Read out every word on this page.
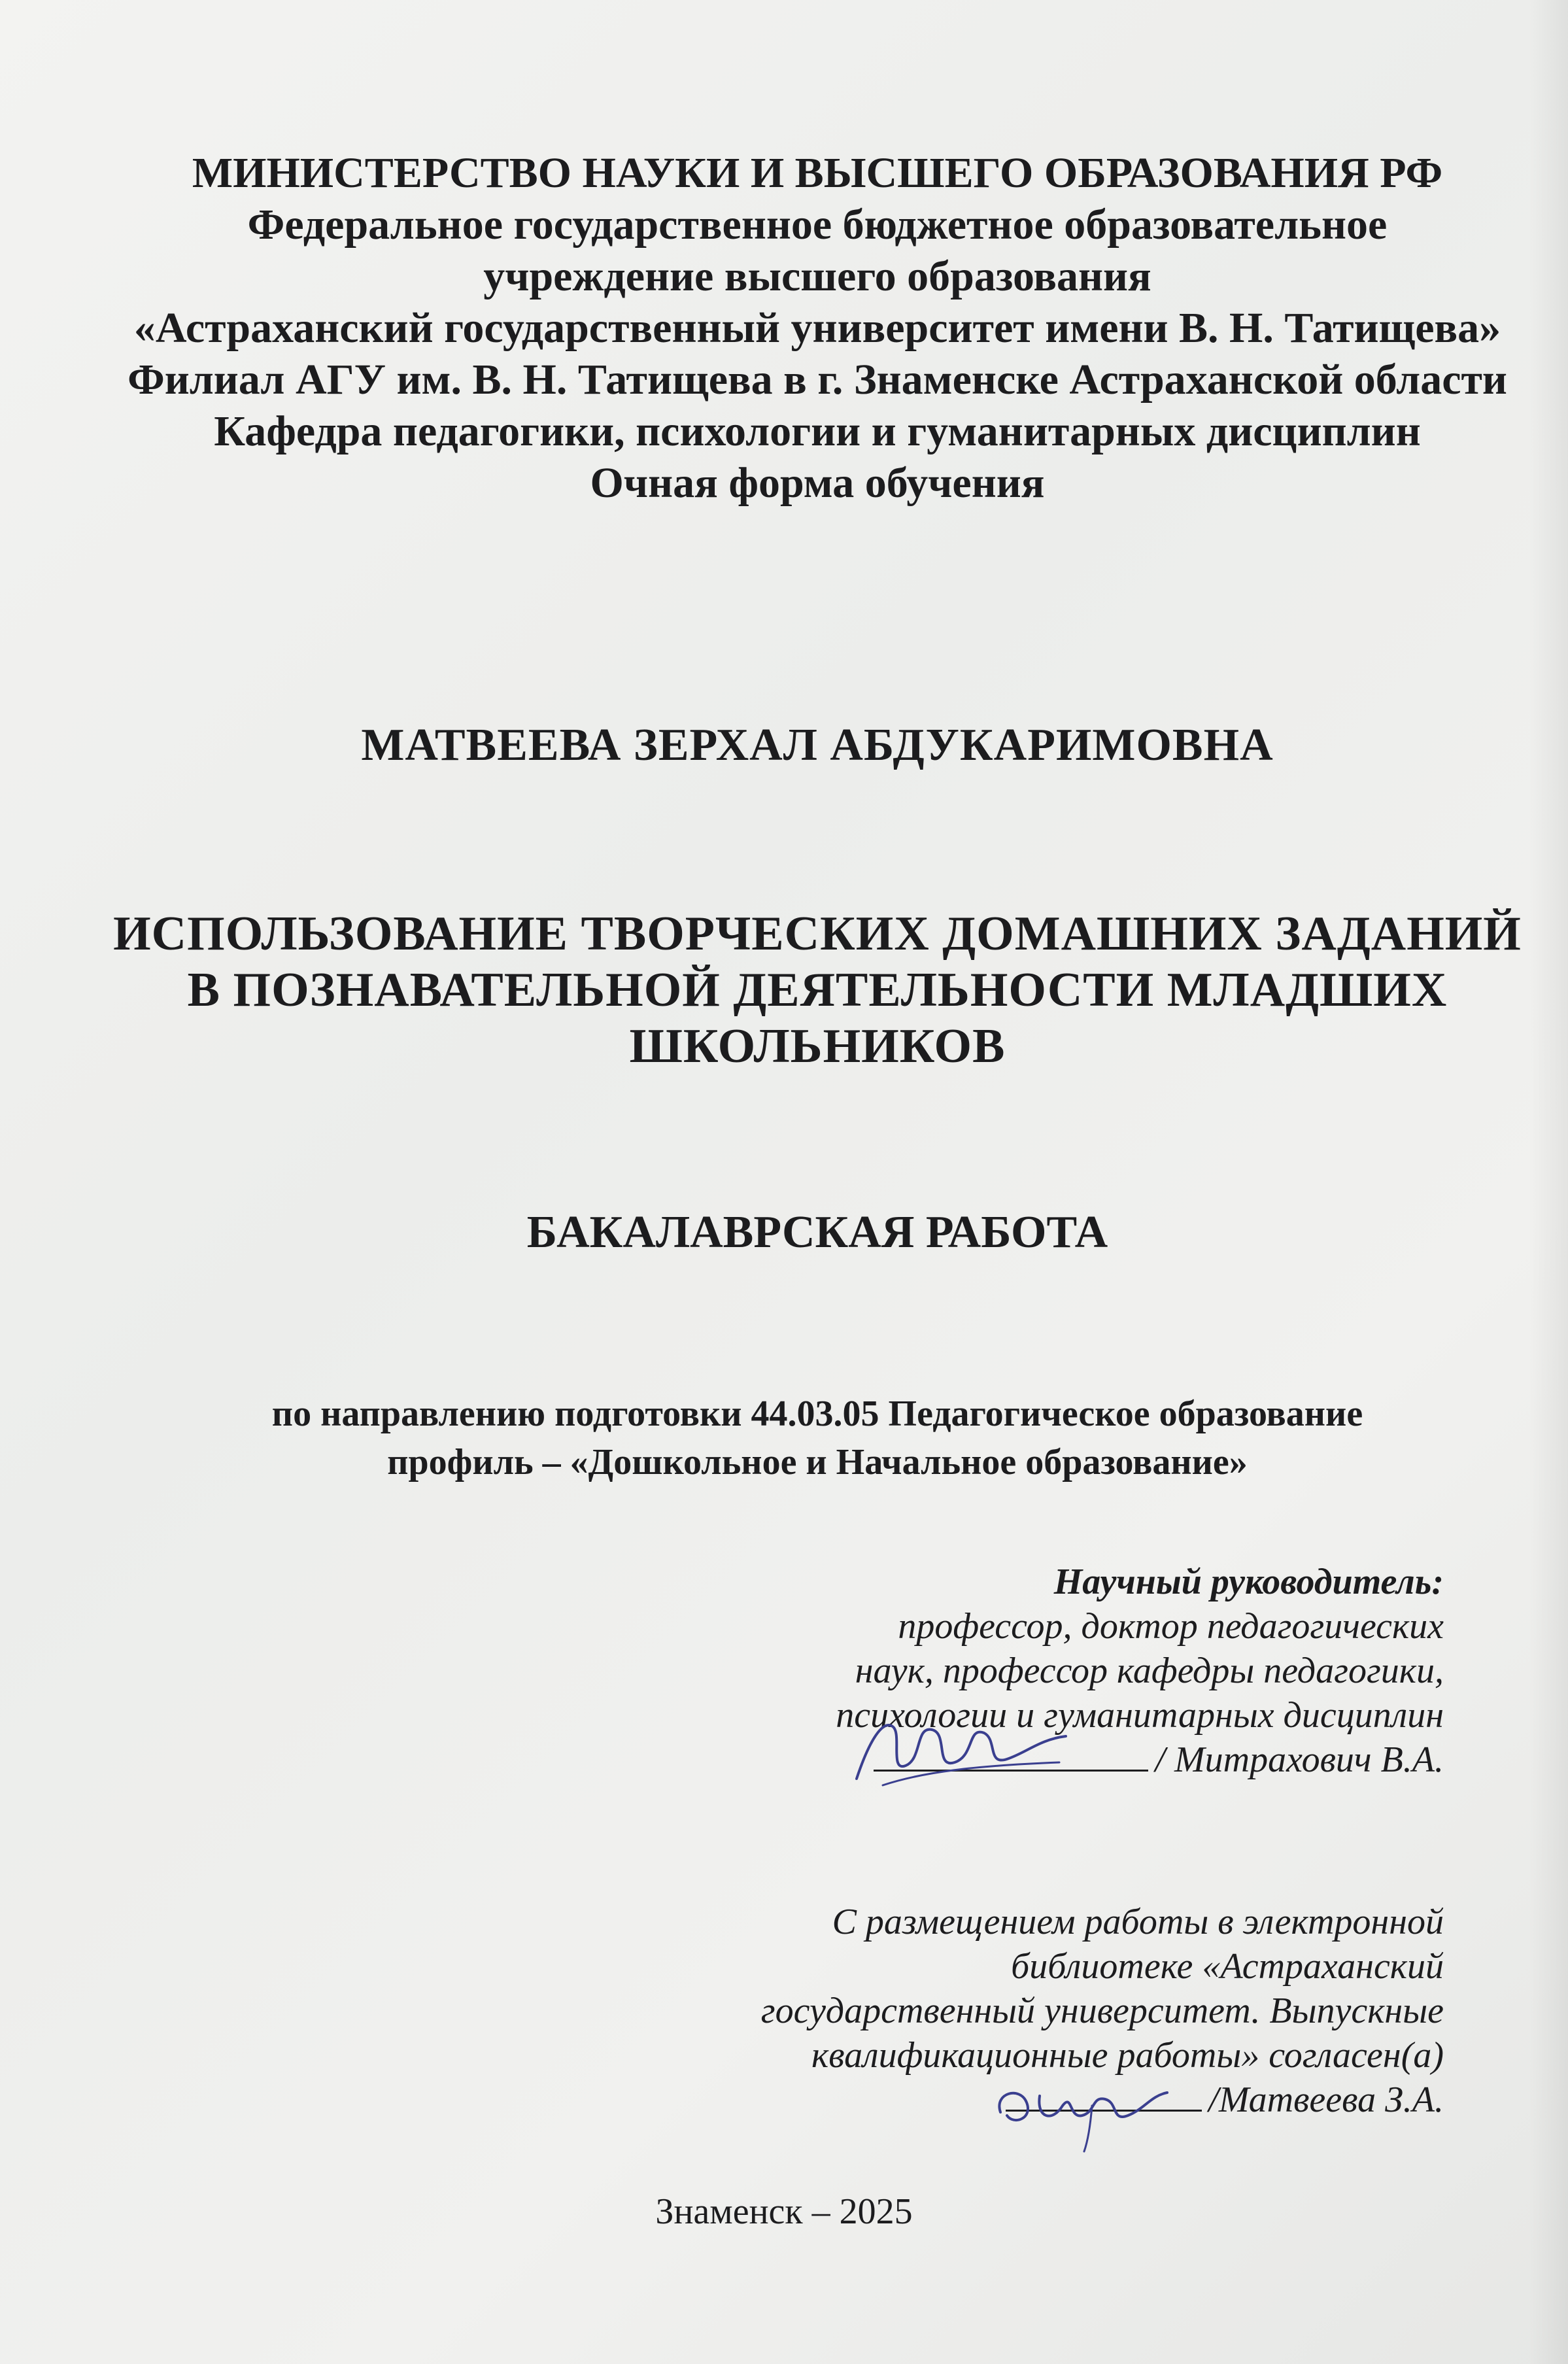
МИНИСТЕРСТВО НАУКИ И ВЫСШЕГО ОБРАЗОВАНИЯ РФ
Федеральное государственное бюджетное образовательное
учреждение высшего образования
«Астраханский государственный университет имени В. Н. Татищева»
Филиал АГУ им. В. Н. Татищева в г. Знаменске Астраханской области
Кафедра педагогики, психологии и гуманитарных дисциплин
Очная форма обучения
МАТВЕЕВА ЗЕРХАЛ АБДУКАРИМОВНА
ИСПОЛЬЗОВАНИЕ ТВОРЧЕСКИХ ДОМАШНИХ ЗАДАНИЙ
В ПОЗНАВАТЕЛЬНОЙ ДЕЯТЕЛЬНОСТИ МЛАДШИХ
ШКОЛЬНИКОВ
БАКАЛАВРСКАЯ РАБОТА
по направлению подготовки 44.03.05 Педагогическое образование
профиль – «Дошкольное и Начальное образование»
Научный руководитель:
профессор, доктор педагогических
наук, профессор кафедры педагогики,
психологии и гуманитарных дисциплин
/ Митрахович В.А.
С размещением работы в электронной
библиотеке «Астраханский
государственный университет. Выпускные
квалификационные работы» согласен(а)
/Матвеева З.А.
Знаменск – 2025
